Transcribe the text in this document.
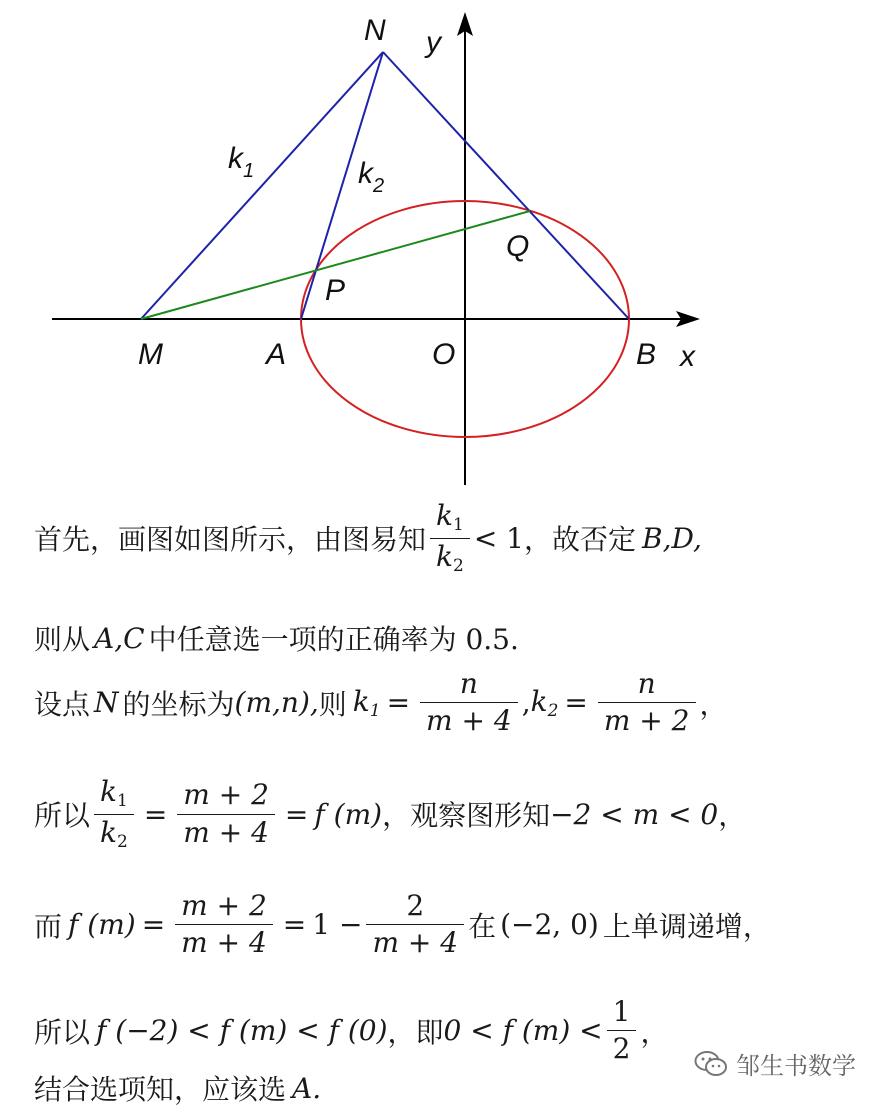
N y
$k_1$	$k_2$
Q
P
M	A	O	B x
首先，画图如图所示，由图易知 $\frac{k_1}{k_2} < 1$ ，故否定 B,D,
则从 A,C 中任意选一项的正确率为 0.5.
设点 N 的坐标为 (m,n), 则 $k_1 = \frac{n}{m + 4}$ , $k_2 = \frac{n}{m + 2}$ ，
所以 $\frac{k_1}{k_2} = \frac{m + 2}{m + 4} = f$ (m) ，观察图形知 −2 < m < 0 ，
而 f $(m) = \frac{m + 2}{m + 4} = 1 - \frac{2}{m + 4}$ 在 (−2, 0) 上单调递增，
所以 f (−2) < f (m) < f (0) ，即 0 < f $(m) < \frac{1}{2}$ ，
结合选项知，应该选 A.
邹生书数学
